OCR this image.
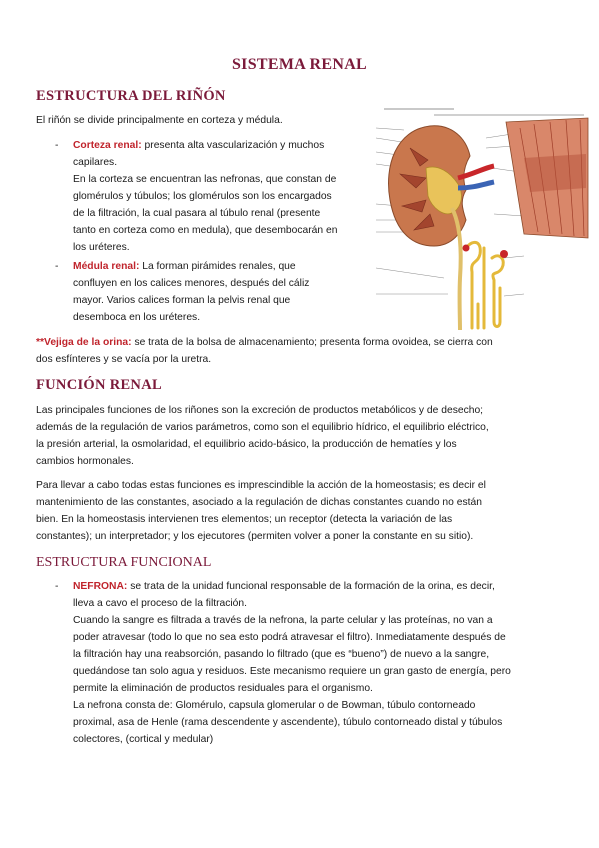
SISTEMA RENAL
ESTRUCTURA DEL RIÑÓN
El riñón se divide principalmente en corteza y médula.
- Corteza renal: presenta alta vascularización y muchos
capilares.
En la corteza se encuentran las nefronas, que constan de
glomérulos y túbulos; los glomérulos son los encargados
de la filtración, la cual pasara al túbulo renal (presente
tanto en corteza como en medula), que desembocarán en
los uréteres.
- Médula renal: La forman pirámides renales, que
confluyen en los calices menores, después del cáliz
mayor. Varios calices forman la pelvis renal que
desemboca en los uréteres.
**Vejiga de la orina: se trata de la bolsa de almacenamiento; presenta forma ovoidea, se cierra con
dos esfínteres y se vacía por la uretra.
FUNCIÓN RENAL
Las principales funciones de los riñones son la excreción de productos metabólicos y de desecho;
además de la regulación de varios parámetros, como son el equilibrio hídrico, el equilibrio eléctrico,
la presión arterial, la osmolaridad, el equilibrio acido-básico, la producción de hematíes y los
cambios hormonales.
Para llevar a cabo todas estas funciones es imprescindible la acción de la homeostasis; es decir el
mantenimiento de las constantes, asociado a la regulación de dichas constantes cuando no están
bien. En la homeostasis intervienen tres elementos; un receptor (detecta la variación de las
constantes); un interpretador; y los ejecutores (permiten volver a poner la constante en su sitio).
ESTRUCTURA FUNCIONAL
- NEFRONA: se trata de la unidad funcional responsable de la formación de la orina, es decir,
lleva a cavo el proceso de la filtración.
Cuando la sangre es filtrada a través de la nefrona, la parte celular y las proteínas, no van a
poder atravesar (todo lo que no sea esto podrá atravesar el filtro). Inmediatamente después de
la filtración hay una reabsorción, pasando lo filtrado (que es “bueno”) de nuevo a la sangre,
quedándose tan solo agua y residuos. Este mecanismo requiere un gran gasto de energía, pero
permite la eliminación de productos residuales para el organismo.
La nefrona consta de: Glomérulo, capsula glomerular o de Bowman, túbulo contorneado
proximal, asa de Henle (rama descendente y ascendente), túbulo contorneado distal y túbulos
colectores, (cortical y medular)
